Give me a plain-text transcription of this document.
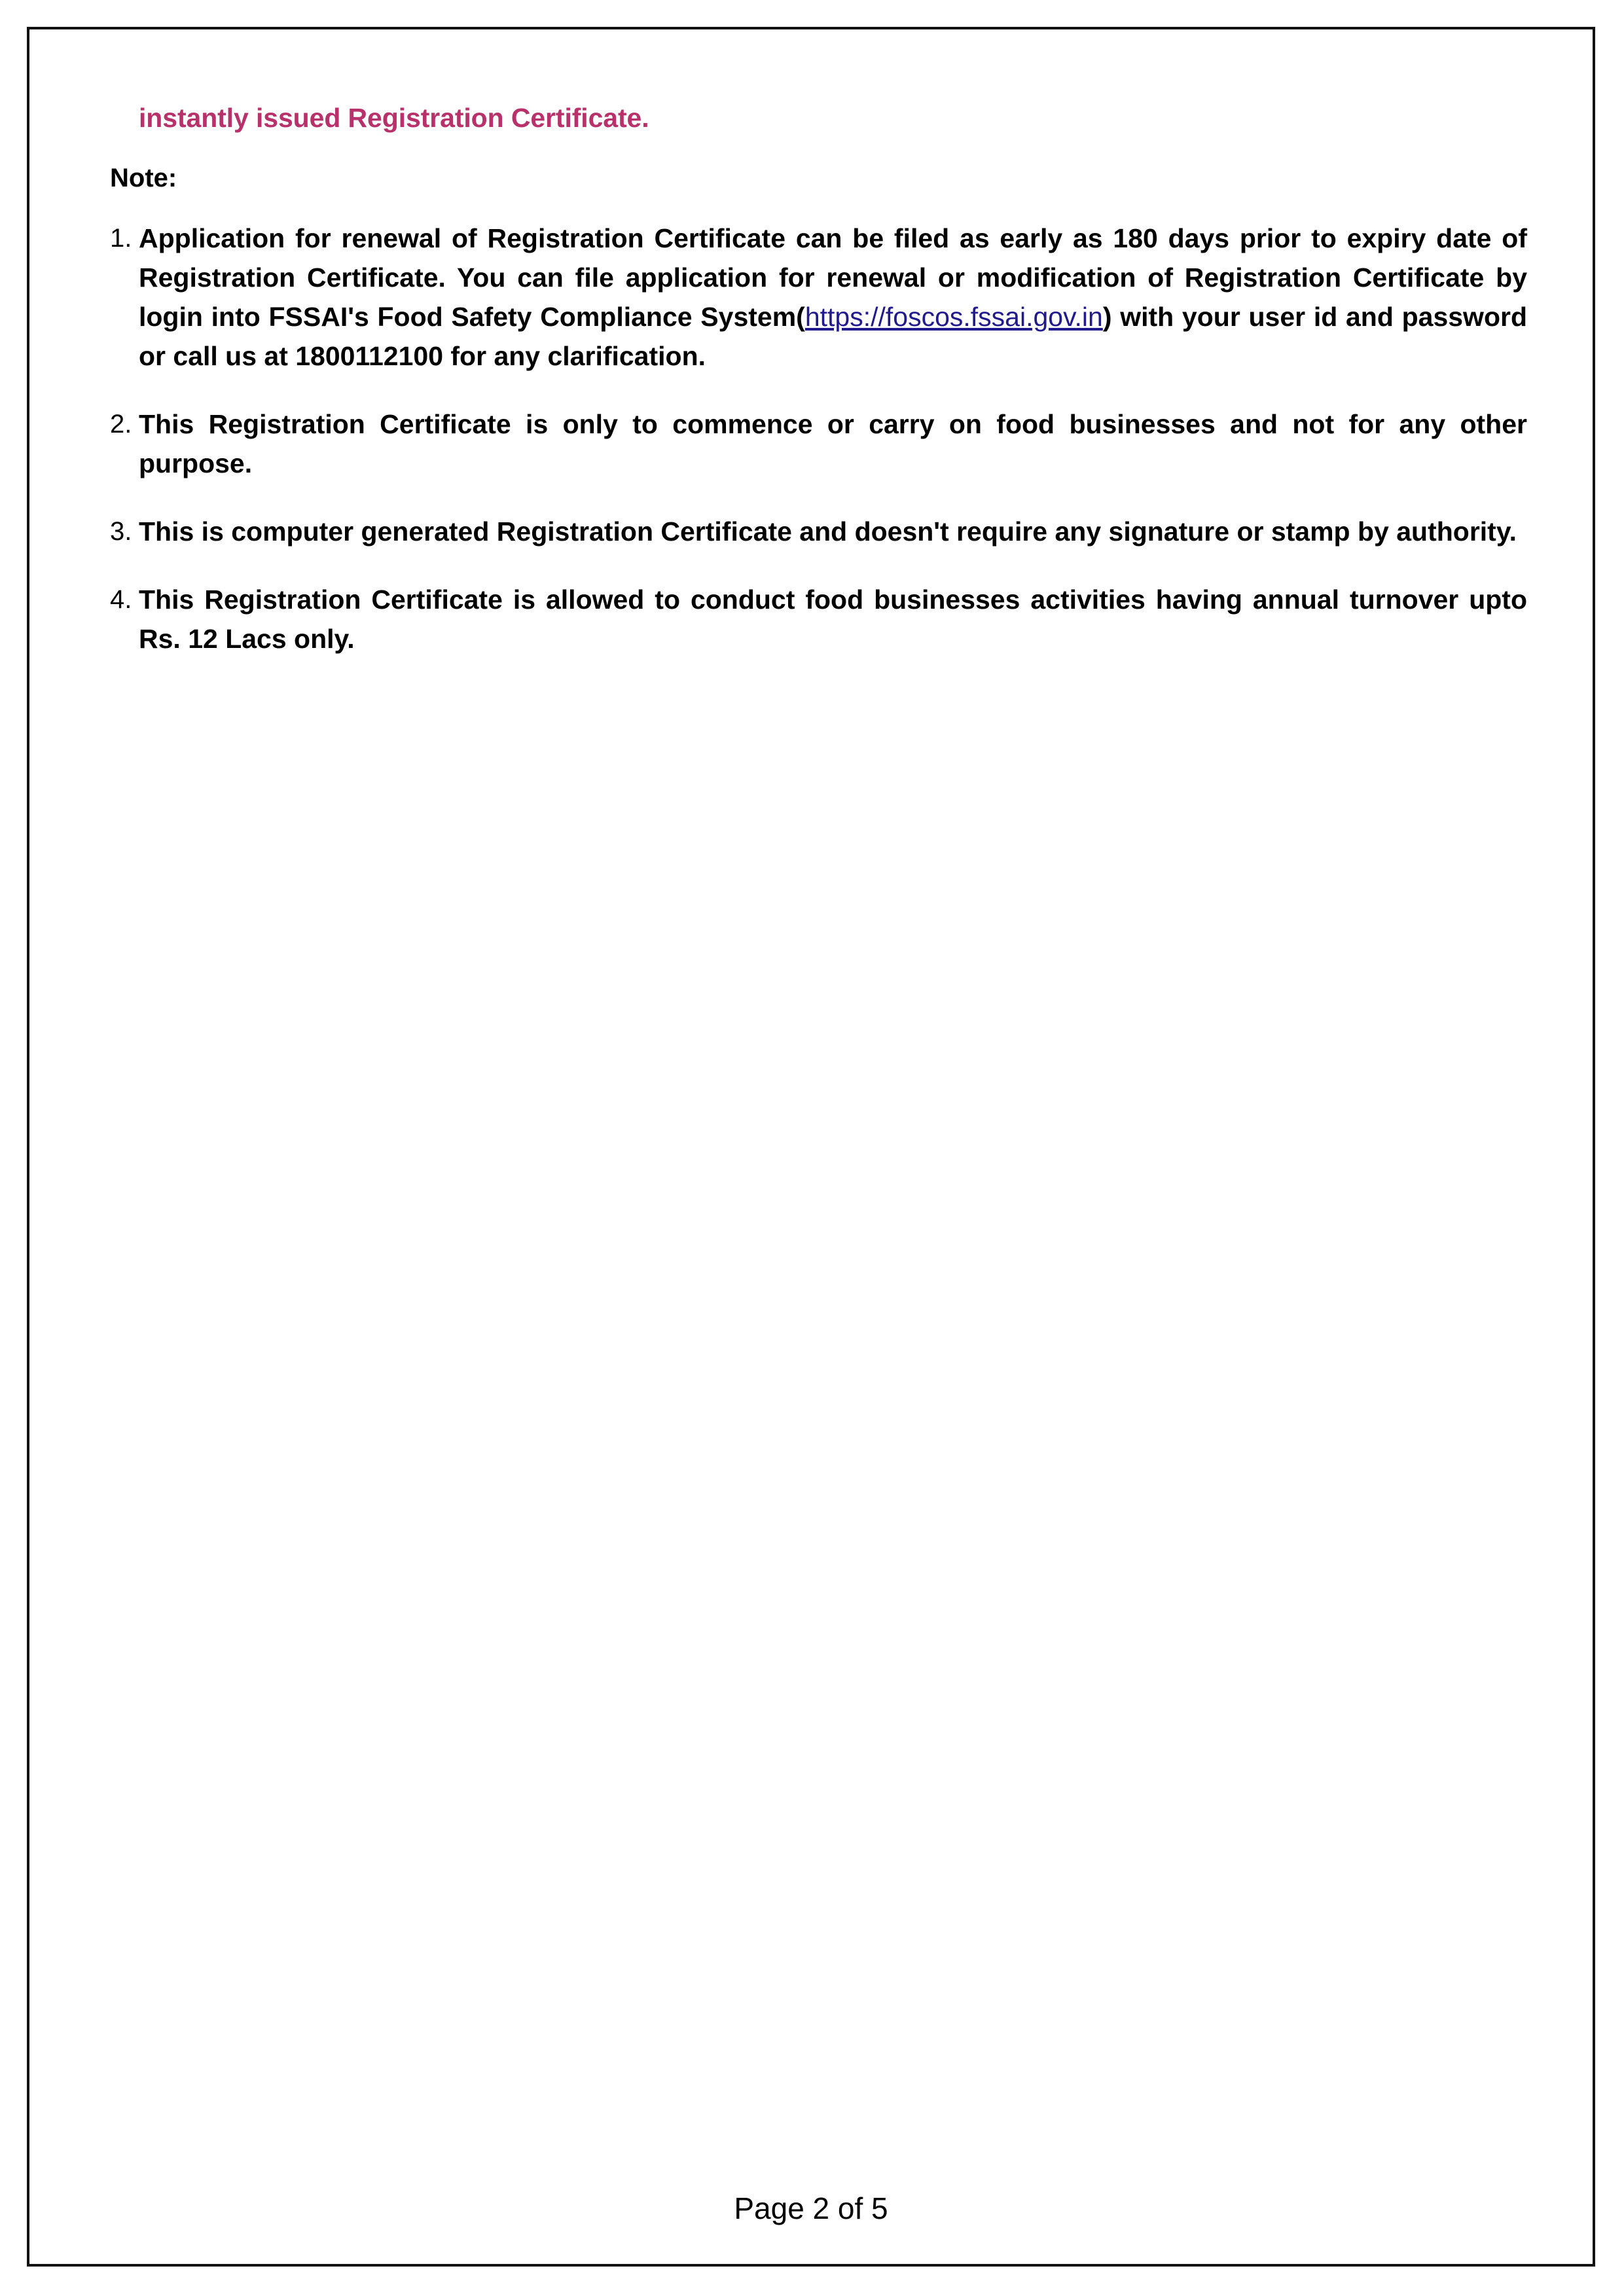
instantly issued Registration Certificate.

Note:

Application for renewal of Registration Certificate can be filed as early as 180 days prior to expiry date of Registration Certificate. You can file application for renewal or modification of Registration Certificate by login into FSSAI's Food Safety Compliance System(https://foscos.fssai.gov.in) with your user id and password or call us at 1800112100 for any clarification.
This Registration Certificate is only to commence or carry on food businesses and not for any other purpose.
This is computer generated Registration Certificate and doesn't require any signature or stamp by authority.
This Registration Certificate is allowed to conduct food businesses activities having annual turnover upto Rs. 12 Lacs only.
Page 2 of 5
